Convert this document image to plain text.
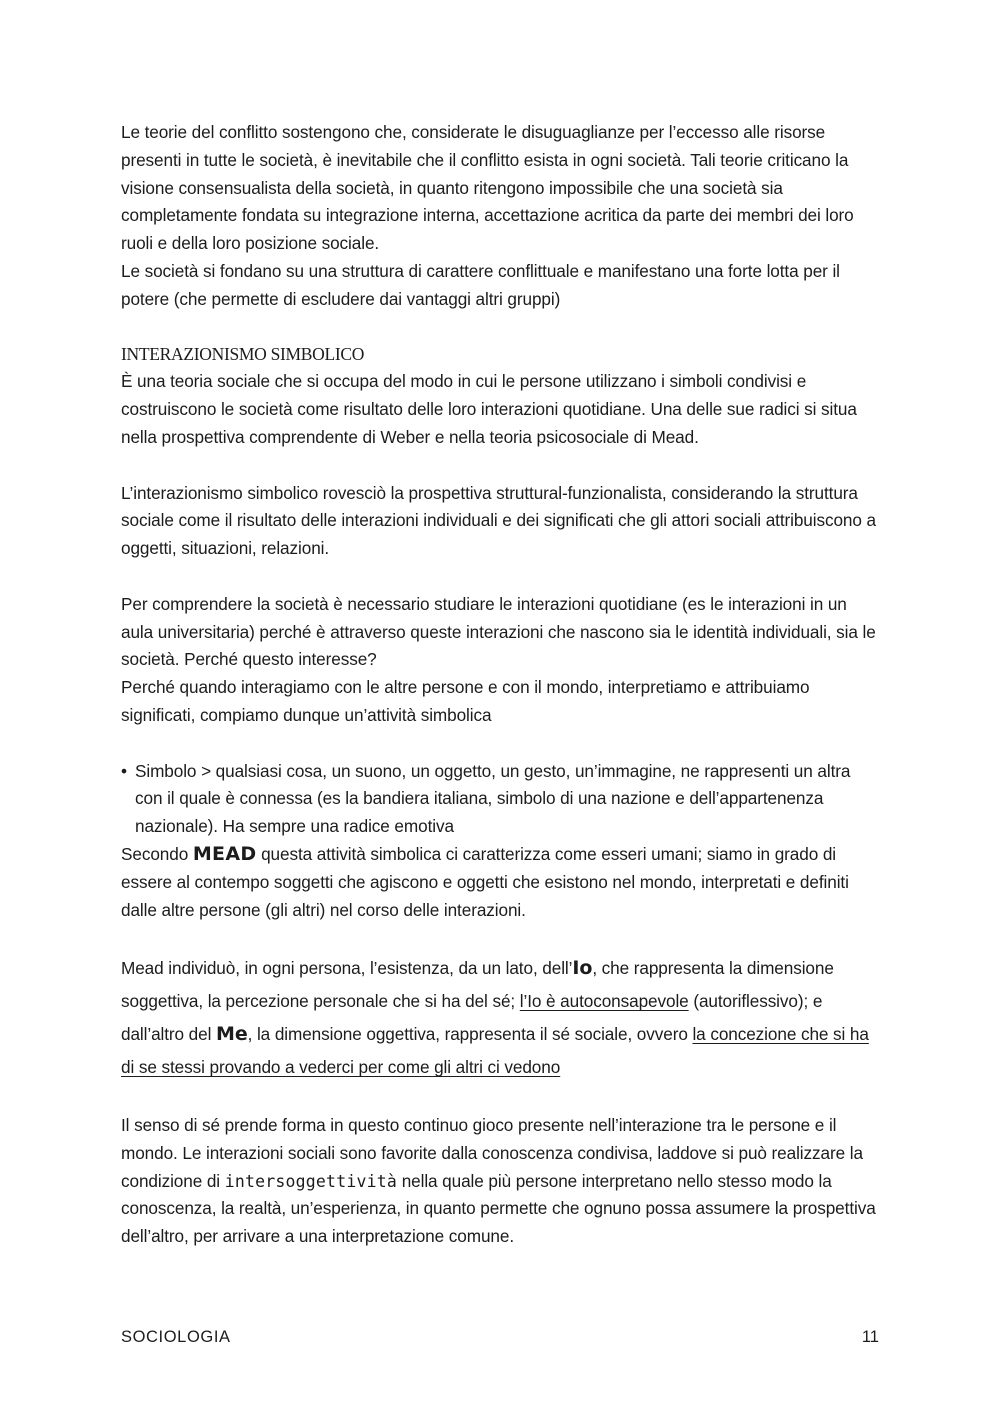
Le teorie del conflitto sostengono che, considerate le disuguaglianze per l’eccesso alle risorse presenti in tutte le società, è inevitabile che il conflitto esista in ogni società. Tali teorie criticano la visione consensualista della società, in quanto ritengono impossibile che una società sia completamente fondata su integrazione interna, accettazione acritica da parte dei membri dei loro ruoli e della loro posizione sociale.

Le società si fondano su una struttura di carattere conflittuale e manifestano una forte lotta per il potere (che permette di escludere dai vantaggi altri gruppi)

INTERAZIONISMO SIMBOLICO

È una teoria sociale che si occupa del modo in cui le persone utilizzano i simboli condivisi e costruiscono le società come risultato delle loro interazioni quotidiane. Una delle sue radici si situa nella prospettiva comprendente di Weber e nella teoria psicosociale di Mead.

L’interazionismo simbolico rovesciò la prospettiva struttural-funzionalista, considerando la struttura sociale come il risultato delle interazioni individuali e dei significati che gli attori sociali attribuiscono a oggetti, situazioni, relazioni.

Per comprendere la società è necessario studiare le interazioni quotidiane (es le interazioni in un aula universitaria) perché è attraverso queste interazioni che nascono sia le identità individuali, sia le società. Perché questo interesse?

Perché quando interagiamo con le altre persone e con il mondo, interpretiamo e attribuiamo significati, compiamo dunque un’attività simbolica

• Simbolo > qualsiasi cosa, un suono, un oggetto, un gesto, un’immagine, ne rappresenti un altra con il quale è connessa (es la bandiera italiana, simbolo di una nazione e dell’appartenenza nazionale). Ha sempre una radice emotiva

Secondo MEAD questa attività simbolica ci caratterizza come esseri umani; siamo in grado di essere al contempo soggetti che agiscono e oggetti che esistono nel mondo, interpretati e definiti dalle altre persone (gli altri) nel corso delle interazioni.

Mead individuò, in ogni persona, l’esistenza, da un lato, dell’Io, che rappresenta la dimensione soggettiva, la percezione personale che si ha del sé; l’Io è autoconsapevole (autoriflessivo); e dall’altro del Me, la dimensione oggettiva, rappresenta il sé sociale, ovvero la concezione che si ha di se stessi provando a vederci per come gli altri ci vedono

Il senso di sé prende forma in questo continuo gioco presente nell’interazione tra le persone e il mondo. Le interazioni sociali sono favorite dalla conoscenza condivisa, laddove si può realizzare la condizione di intersoggettività nella quale più persone interpretano nello stesso modo la conoscenza, la realtà, un’esperienza, in quanto permette che ognuno possa assumere la prospettiva dell’altro, per arrivare a una interpretazione comune.

SOCIOLOGIA	11
